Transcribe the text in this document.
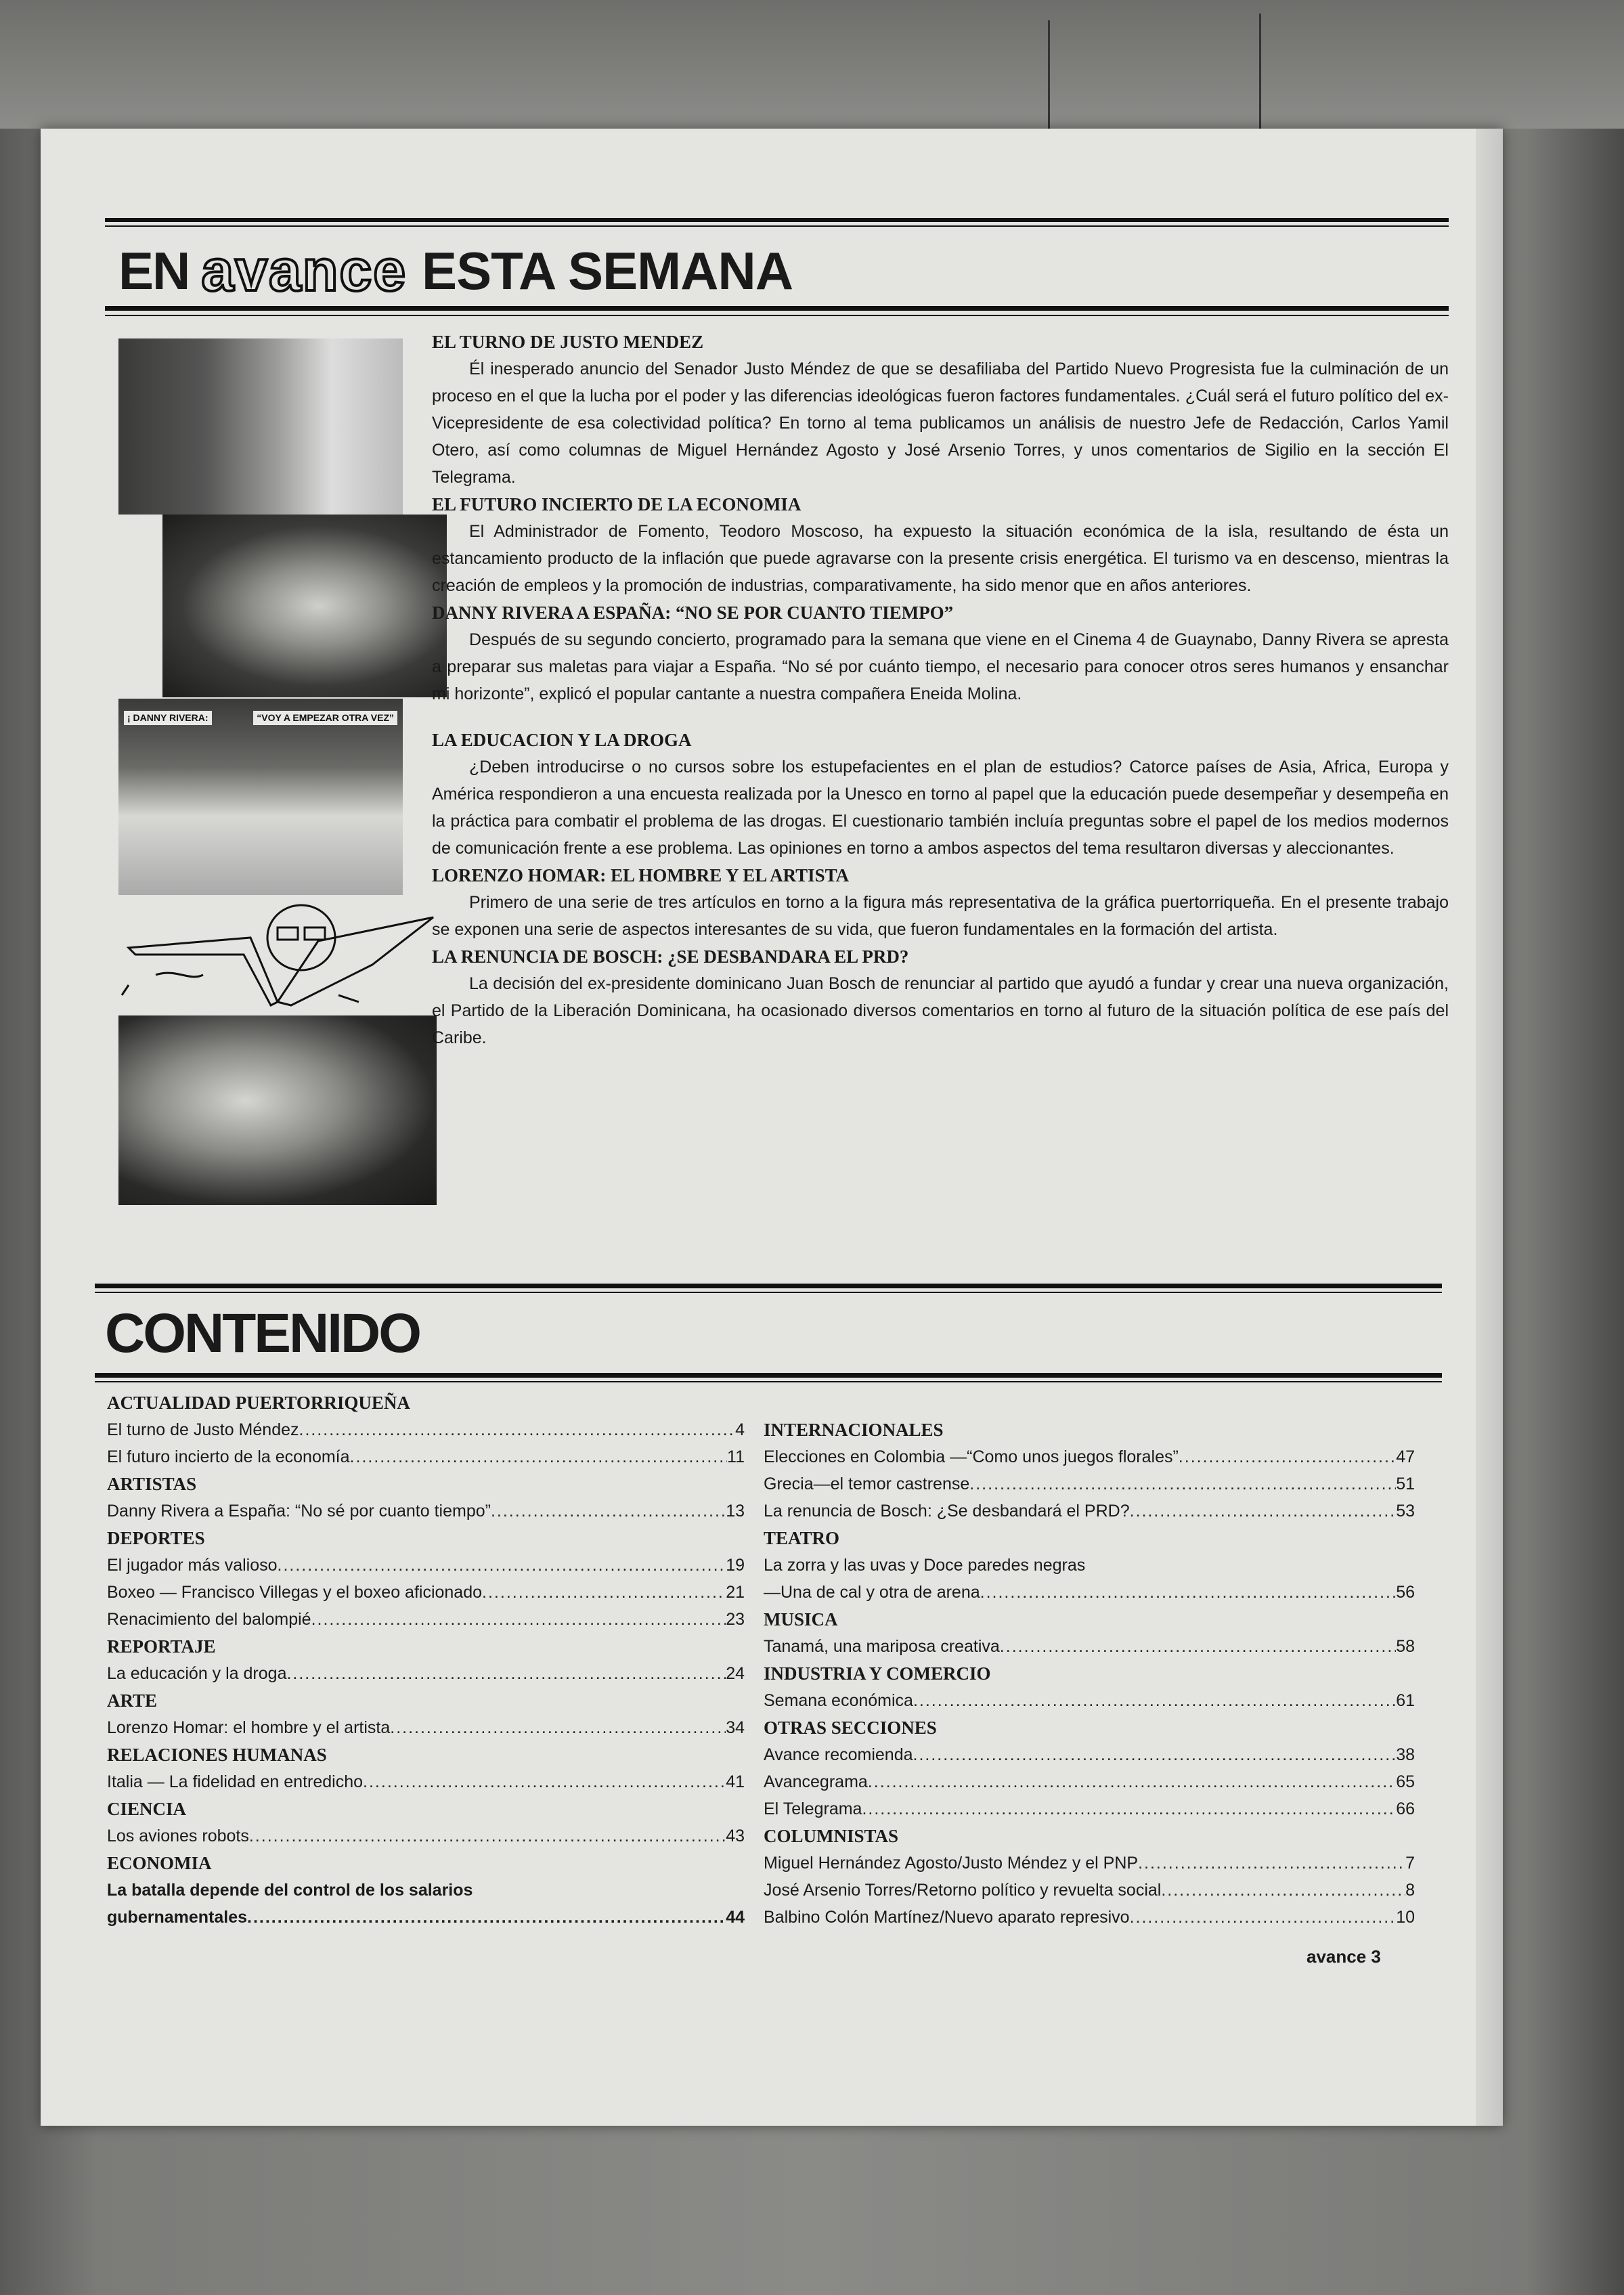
EN avance ESTA SEMANA
¡ DANNY RIVERA:	“VOY A EMPEZAR OTRA VEZ”
EL TURNO DE JUSTO MENDEZ
Él inesperado anuncio del Senador Justo Méndez de que se desafiliaba del Partido Nuevo Progresista fue la culminación de un proceso en el que la lucha por el poder y las diferencias ideológicas fueron factores fundamentales. ¿Cuál será el futuro político del ex-Vicepresidente de esa colectividad política? En torno al tema publicamos un análisis de nuestro Jefe de Redacción, Carlos Yamil Otero, así como columnas de Miguel Hernández Agosto y José Arsenio Torres, y unos comentarios de Sigilio en la sección El Telegrama.
EL FUTURO INCIERTO DE LA ECONOMIA
El Administrador de Fomento, Teodoro Moscoso, ha expuesto la situación económica de la isla, resultando de ésta un estancamiento producto de la inflación que puede agravarse con la presente crisis energética. El turismo va en descenso, mientras la creación de empleos y la promoción de industrias, comparativamente, ha sido menor que en años anteriores.
DANNY RIVERA A ESPAÑA: “NO SE POR CUANTO TIEMPO”
Después de su segundo concierto, programado para la semana que viene en el Cinema 4 de Guaynabo, Danny Rivera se apresta a preparar sus maletas para viajar a España. “No sé por cuánto tiempo, el necesario para conocer otros seres humanos y ensanchar mi horizonte”, explicó el popular cantante a nuestra compañera Eneida Molina.
LA EDUCACION Y LA DROGA
¿Deben introducirse o no cursos sobre los estupefacientes en el plan de estudios? Catorce países de Asia, Africa, Europa y América respondieron a una encuesta realizada por la Unesco en torno al papel que la educación puede desempeñar y desempeña en la práctica para combatir el problema de las drogas. El cuestionario también incluía preguntas sobre el papel de los medios modernos de comunicación frente a ese problema. Las opiniones en torno a ambos aspectos del tema resultaron diversas y aleccionantes.
LORENZO HOMAR: EL HOMBRE Y EL ARTISTA
Primero de una serie de tres artículos en torno a la figura más representativa de la gráfica puertorriqueña. En el presente trabajo se exponen una serie de aspectos interesantes de su vida, que fueron fundamentales en la formación del artista.
LA RENUNCIA DE BOSCH: ¿SE DESBANDARA EL PRD?
La decisión del ex-presidente dominicano Juan Bosch de renunciar al partido que ayudó a fundar y crear una nueva organización, el Partido de la Liberación Dominicana, ha ocasionado diversos comentarios en torno al futuro de la situación política de ese país del Caribe.
CONTENIDO
ACTUALIDAD PUERTORRIQUEÑA
El turno de Justo Méndez .....	4
El futuro incierto de la economía .....	11
ARTISTAS
Danny Rivera a España: “No sé por cuanto tiempo” .....	13
DEPORTES
El jugador más valioso .....	19
Boxeo — Francisco Villegas y el boxeo aficionado .....	21
Renacimiento del balompié .....	23
REPORTAJE
La educación y la droga .....	24
ARTE
Lorenzo Homar: el hombre y el artista .....	34
RELACIONES HUMANAS
Italia — La fidelidad en entredicho .....	41
CIENCIA
Los aviones robots .....	43
ECONOMIA
La batalla depende del control de los salarios
gubernamentales .....	44
INTERNACIONALES
Elecciones en Colombia —“Como unos juegos florales” .....	47
Grecia—el temor castrense .....	51
La renuncia de Bosch: ¿Se desbandará el PRD? .....	53
TEATRO
La zorra y las uvas y Doce paredes negras
—Una de cal y otra de arena .....	56
MUSICA
Tanamá, una mariposa creativa .....	58
INDUSTRIA Y COMERCIO
Semana económica .....	61
OTRAS SECCIONES
Avance recomienda .....	38
Avancegrama .....	65
El Telegrama .....	66
COLUMNISTAS
Miguel Hernández Agosto/Justo Méndez y el PNP .....	7
José Arsenio Torres/Retorno político y revuelta social .....	8
Balbino Colón Martínez/Nuevo aparato represivo .....	10
avance 3
